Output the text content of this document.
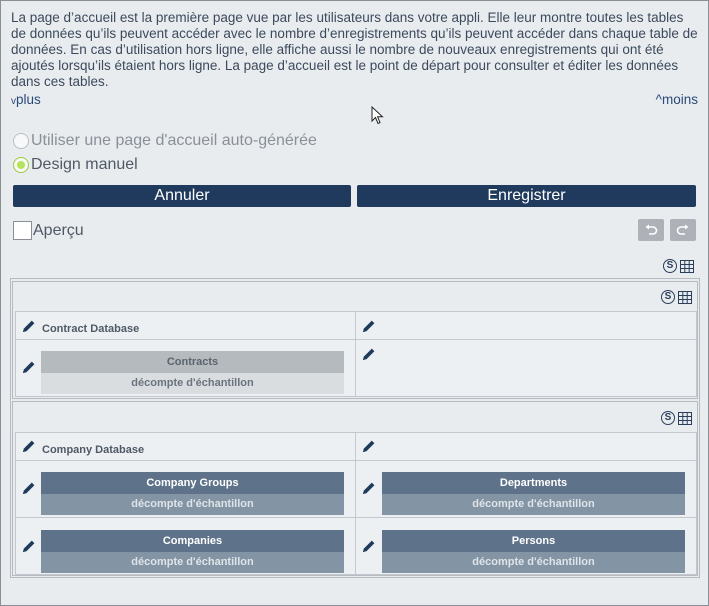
La page d’accueil est la première page vue par les utilisateurs dans votre appli. Elle leur montre toutes les tables de données qu’ils peuvent accéder avec le nombre d’enregistrements qu’ils peuvent accéder dans chaque table de données. En cas d’utilisation hors ligne, elle affiche aussi le nombre de nouveaux enregistrements qui ont été ajoutés lorsqu’ils étaient hors ligne. La page d’accueil est le point de départ pour consulter et éditer les données dans ces tables.
vplus	^moins
Utiliser une page d'accueil auto-générée
Design manuel
Annuler	Enregistrer
Aperçu
S
S
Contract Database
Contracts
décompte d'échantillon
S
Company Database
Company Groups
décompte d'échantillon
Departments
décompte d'échantillon
Companies
décompte d'échantillon
Persons
décompte d'échantillon
